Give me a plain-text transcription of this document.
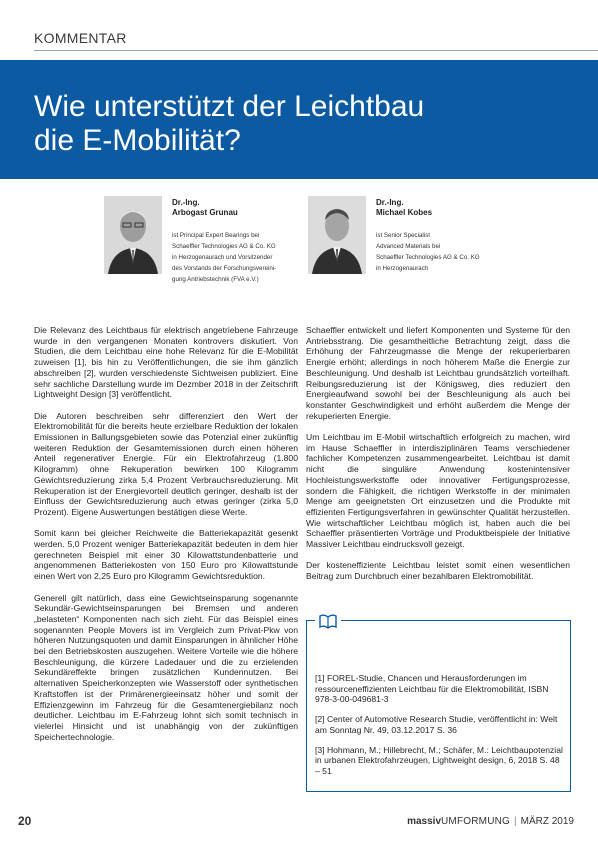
KOMMENTAR
Wie unterstützt der Leichtbau
die E-Mobilität?
Dr.-Ing.
Arbogast Grunau
ist Principal Expert Bearings bei
Schaeffler Technologies AG & Co. KG
in Herzogenaurach und Vorsitzender
des Vorstands der Forschungsvereini-
gung Antriebstechnik (FVA e.V.)
Dr.-Ing.
Michael Kobes
ist Senior Specialist
Advanced Materials bei
Schaeffler Technologies AG & Co. KG
in Herzogenaurach

Die Relevanz des Leichtbaus für elektrisch angetriebene Fahrzeuge wurde in den vergangenen Monaten kontrovers diskutiert. Von Studien, die dem Leichtbau eine hohe Relevanz für die E-Mobilität zuweisen [1], bis hin zu Veröffentlichungen, die sie ihm gänzlich abschreiben [2], wurden verschiedenste Sichtweisen publiziert. Eine sehr sachliche Darstellung wurde im Dezmber 2018 in der Zeitschrift Lightweight Design [3] veröffentlicht.

Die Autoren beschreiben sehr differenziert den Wert der Elektromobilität für die bereits heute erzielbare Reduktion der lokalen Emissionen in Ballungsgebieten sowie das Potenzial einer zukünftig weiteren Reduktion der Gesamtemissionen durch einen höheren Anteil regenerativer Energie. Für ein Elektrofahrzeug (1.800 Kilogramm) ohne Rekuperation bewirken 100 Kilogramm Gewichtsreduzierung zirka 5,4 Prozent Verbrauchsreduzierung. Mit Rekuperation ist der Energievorteil deutlich geringer, deshalb ist der Einfluss der Gewichtsreduzierung auch etwas geringer (zirka 5,0 Prozent). Eigene Auswertungen bestätigen diese Werte.

Somit kann bei gleicher Reichweite die Batteriekapazität gesenkt werden. 5,0 Prozent weniger Batteriekapazität bedeuten in dem hier gerechneten Beispiel mit einer 30 Kilowattstundenbatterie und angenommenen Batteriekosten von 150 Euro pro Kilowattstunde einen Wert von 2,25 Euro pro Kilogramm Gewichtsreduktion.

Generell gilt natürlich, dass eine Gewichtseinsparung sogenannte Sekundär-Gewichtseinsparungen bei Bremsen und anderen „belasteten“ Komponenten nach sich zieht. Für das Beispiel eines sogenannten People Movers ist im Vergleich zum Privat-Pkw von höheren Nutzungsquoten und damit Einsparungen in ähnlicher Höhe bei den Betriebskosten auszugehen. Weitere Vorteile wie die höhere Beschleunigung, die kürzere Ladedauer und die zu erzielenden Sekundäreffekte bringen zusätzlichen Kundennutzen. Bei alternativen Speicherkonzepten wie Wasserstoff oder synthetischen Kraftstoffen ist der Primärenergieeinsatz höher und somit der Effizienzgewinn im Fahrzeug für die Gesamtenergiebilanz noch deutlicher. Leichtbau im E-Fahrzeug lohnt sich somit technisch in vielerlei Hinsicht und ist unabhängig von der zukünftigen Speichertechnologie.

Schaeffler entwickelt und liefert Komponenten und Systeme für den Antriebsstrang. Die gesamtheitliche Betrachtung zeigt, dass die Erhöhung der Fahrzeugmasse die Menge der rekuperierbaren Energie erhöht; allerdings in noch höherem Maße die Energie zur Beschleunigung. Und deshalb ist Leichtbau grundsätzlich vorteilhaft. Reibungsreduzierung ist der Königsweg, dies reduziert den Energieaufwand sowohl bei der Beschleunigung als auch bei konstanter Geschwindigkeit und erhöht außerdem die Menge der rekuperierten Energie.

Um Leichtbau im E-Mobil wirtschaftlich erfolgreich zu machen, wird im Hause Schaeffler in interdisziplinären Teams verschiedener fachlicher Kompetenzen zusammengearbeitet. Leichtbau ist damit nicht die singuläre Anwendung kostenintensiver Hochleistungswerkstoffe oder innovativer Fertigungsprozesse, sondern die Fähigkeit, die richtigen Werkstoffe in der minimalen Menge am geeignetsten Ort einzusetzen und die Produkte mit effizienten Fertigungsverfahren in gewünschter Qualität herzustellen. Wie wirtschaftlicher Leichtbau möglich ist, haben auch die bei Schaeffler präsentierten Vorträge und Produktbeispiele der Initiative Massiver Leichtbau eindrucksvoll gezeigt.

Der kosteneffiziente Leichtbau leistet somit einen wesentlichen Beitrag zum Durchbruch einer bezahlbaren Elektromobilität.

[1] FOREL-Studie, Chancen und Herausforderungen im ressourceneffizienten Leichtbau für die Elektromobilität, ISBN 978-3-00-049681-3

[2] Center of Automotive Research Studie, veröffentlicht in: Welt am Sonntag Nr. 49, 03.12.2017 S. 36

[3] Hohmann, M.; Hillebrecht, M.; Schäfer, M.: Leichtbaupotenzial in urbanen Elektrofahrzeugen, Lightweight design, 6, 2018 S. 48 – 51

20	massivUMFORMUNG | MÄRZ 2019
